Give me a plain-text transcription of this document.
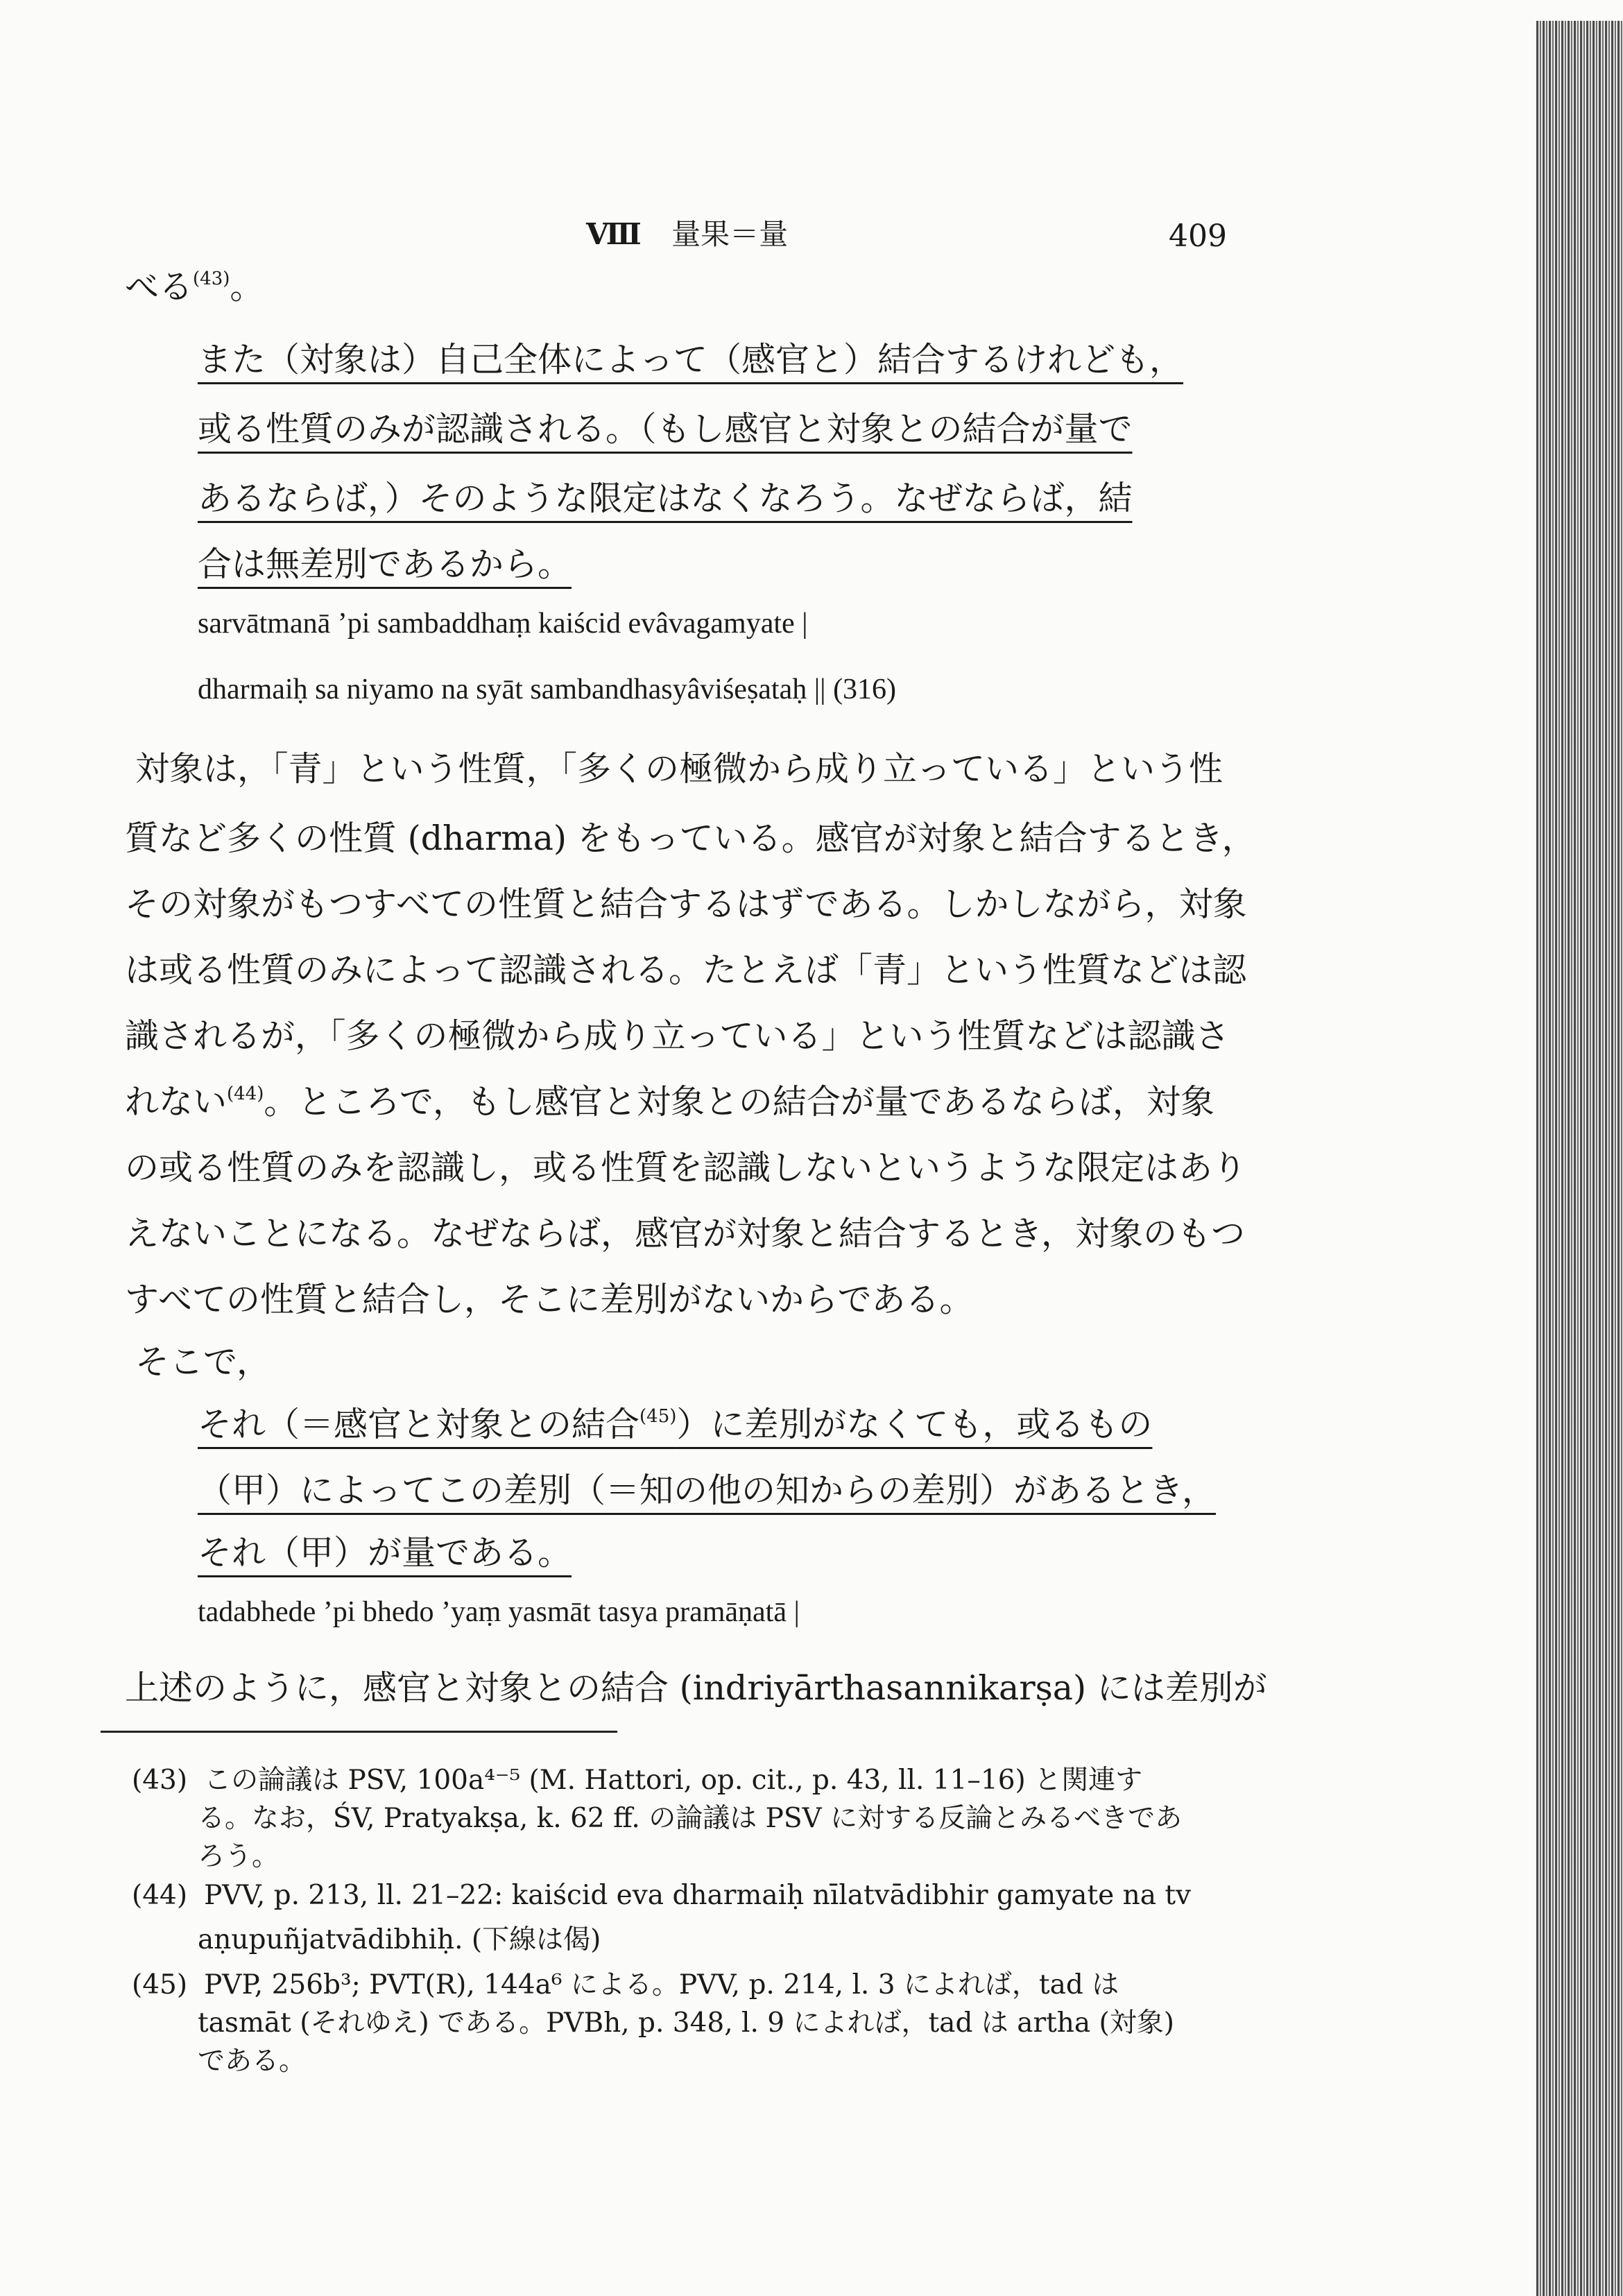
Ⅷ 量果＝量	409
べる$^{(43)}$。
また（対象は）自己全体によって（感官と）結合するけれども，
或る性質のみが認識される。（もし感官と対象との結合が量で
あるならば，）そのような限定はなくなろう。なぜならば，結
合は無差別であるから。
sarvātmanā ’pi sambaddhaṃ kaiścid evâvagamyate |
dharmaiḥ sa niyamo na syāt sambandhasyâviśeṣataḥ || (316)
対象は，「青」という性質，「多くの極微から成り立っている」という性
質など多くの性質 (dharma) をもっている。感官が対象と結合するとき，
その対象がもつすべての性質と結合するはずである。しかしながら，対象
は或る性質のみによって認識される。たとえば「青」という性質などは認
識されるが，「多くの極微から成り立っている」という性質などは認識さ
れない$^{(44)}$。ところで，もし感官と対象との結合が量であるならば，対象
の或る性質のみを認識し，或る性質を認識しないというような限定はあり
えないことになる。なぜならば，感官が対象と結合するとき，対象のもつ
すべての性質と結合し，そこに差別がないからである。
そこで，
それ（＝感官と対象との結合$^{(45)}$）に差別がなくても，或るもの
（甲）によってこの差別（＝知の他の知からの差別）があるとき，
それ（甲）が量である。
tadabhede ’pi bhedo ’yaṃ yasmāt tasya pramāṇatā |
上述のように，感官と対象との結合 (indriyārthasannikarṣa) には差別が
(43) この論議は PSV, 100a⁴⁻⁵ (M. Hattori, op. cit., p. 43, ll. 11–16) と関連す
る。なお，ŚV, Pratyakṣa, k. 62 ff. の論議は PSV に対する反論とみるべきであ
ろう。
(44) PVV, p. 213, ll. 21–22: kaiścid eva dharmaiḥ nīlatvādibhir gamyate na tv
aṇupuñjatvādibhiḥ. (下線は偈)
(45) PVP, 256b³; PVT(R), 144a⁶ による。PVV, p. 214, l. 3 によれば，tad は
tasmāt (それゆえ) である。PVBh, p. 348, l. 9 によれば，tad は artha (対象)
である。
